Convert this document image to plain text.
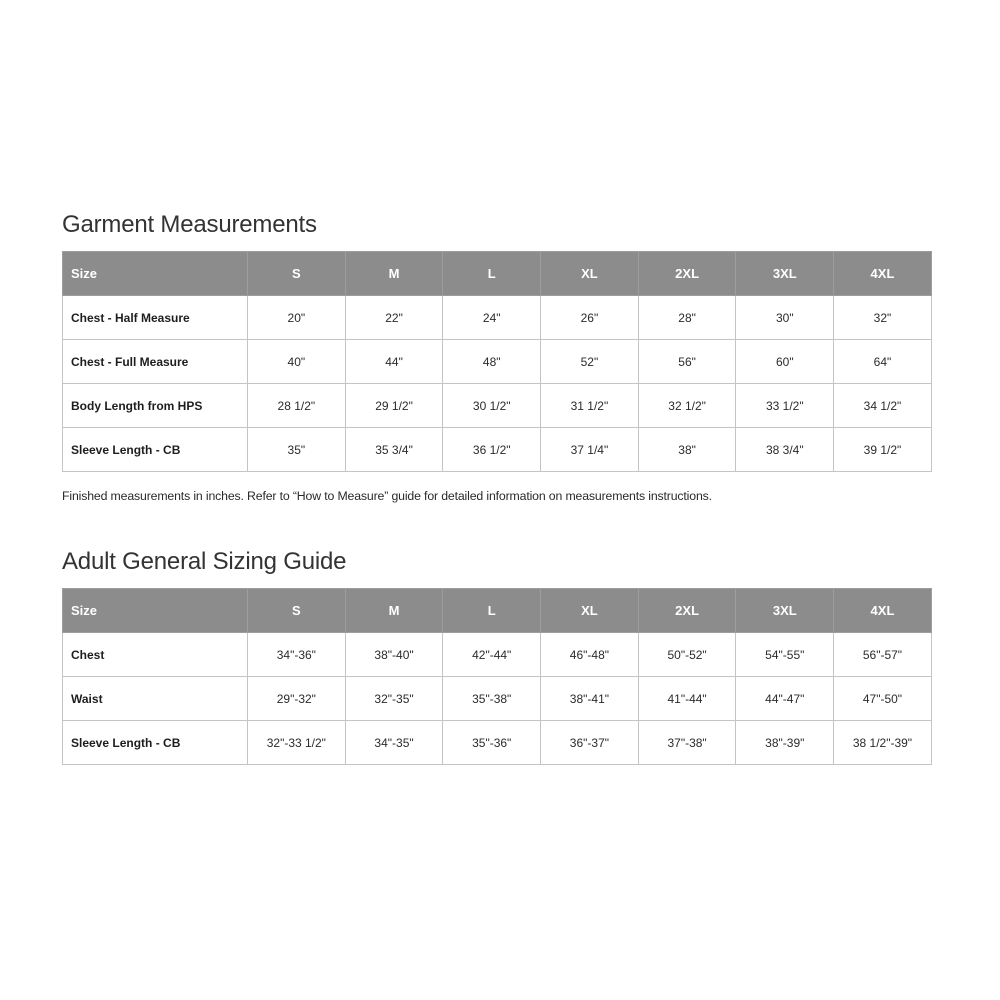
Garment Measurements
Size	S	M	L	XL	2XL	3XL	4XL
Chest - Half Measure	20"	22"	24"	26"	28"	30"	32"
Chest - Full Measure	40"	44"	48"	52"	56"	60"	64"
Body Length from HPS	28 1/2"	29 1/2"	30 1/2"	31 1/2"	32 1/2"	33 1/2"	34 1/2"
Sleeve Length - CB	35"	35 3/4"	36 1/2"	37 1/4"	38"	38 3/4"	39 1/2"

Finished measurements in inches. Refer to “How to Measure” guide for detailed information on measurements instructions.

Adult General Sizing Guide
Size	S	M	L	XL	2XL	3XL	4XL
Chest	34"-36"	38"-40"	42"-44"	46"-48"	50"-52"	54"-55"	56"-57"
Waist	29"-32"	32"-35"	35"-38"	38"-41"	41"-44"	44"-47"	47"-50"
Sleeve Length - CB	32"-33 1/2"	34"-35"	35"-36"	36"-37"	37"-38"	38"-39"	38 1/2"-39"
